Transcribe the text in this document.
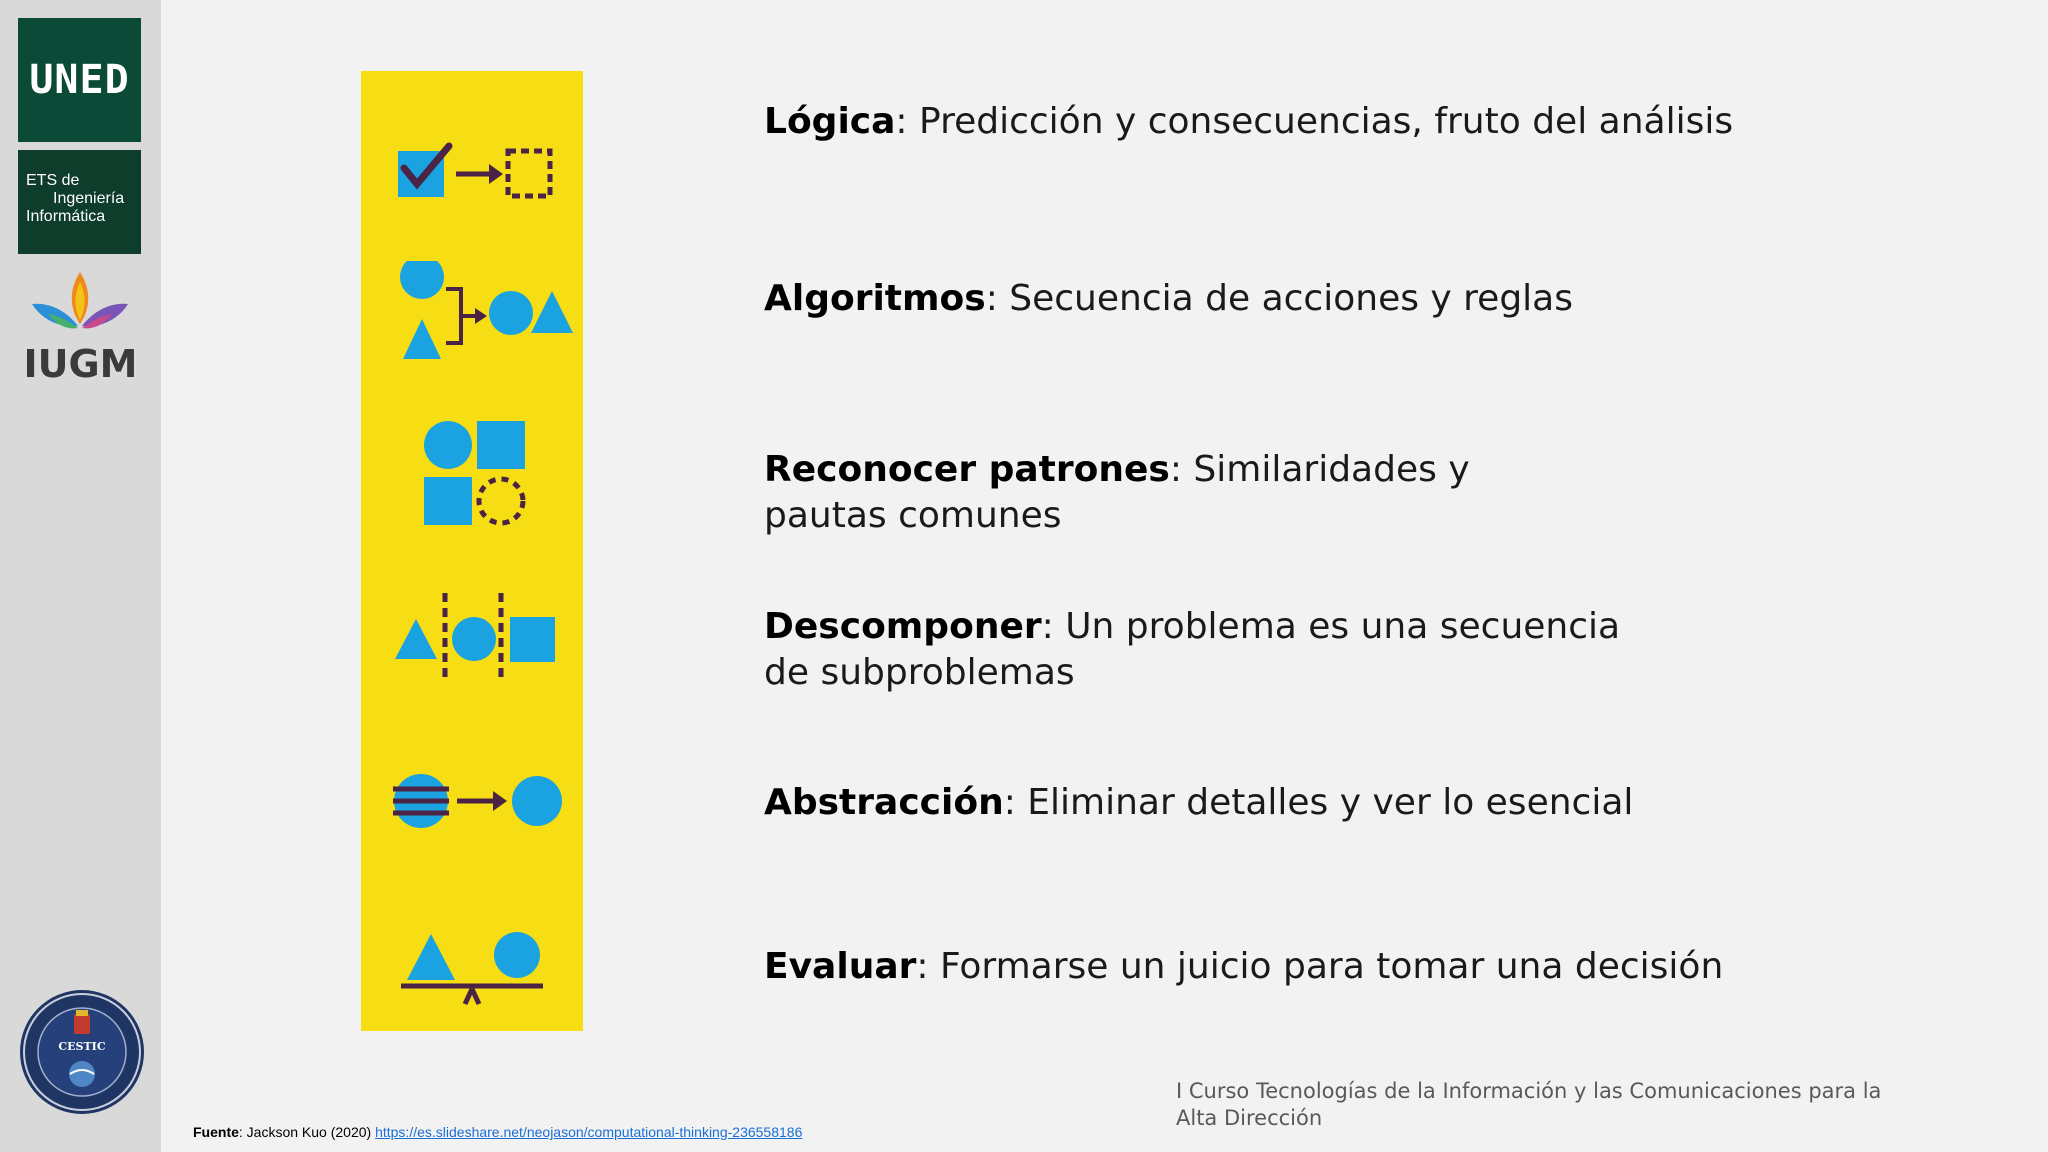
UNED
ETS de
Ingeniería
Informática
IUGM
CESTIC
Lógica: Predicción y consecuencias, fruto del análisis
Algoritmos: Secuencia de acciones y reglas
Reconocer patrones: Similaridades y pautas comunes
Descomponer: Un problema es una secuencia de subproblemas
Abstracción: Eliminar detalles y ver lo esencial
Evaluar: Formarse un juicio para tomar una decisión
Fuente: Jackson Kuo (2020) https://es.slideshare.net/neojason/computational-thinking-236558186
I Curso Tecnologías de la Información y las Comunicaciones para la Alta Dirección
